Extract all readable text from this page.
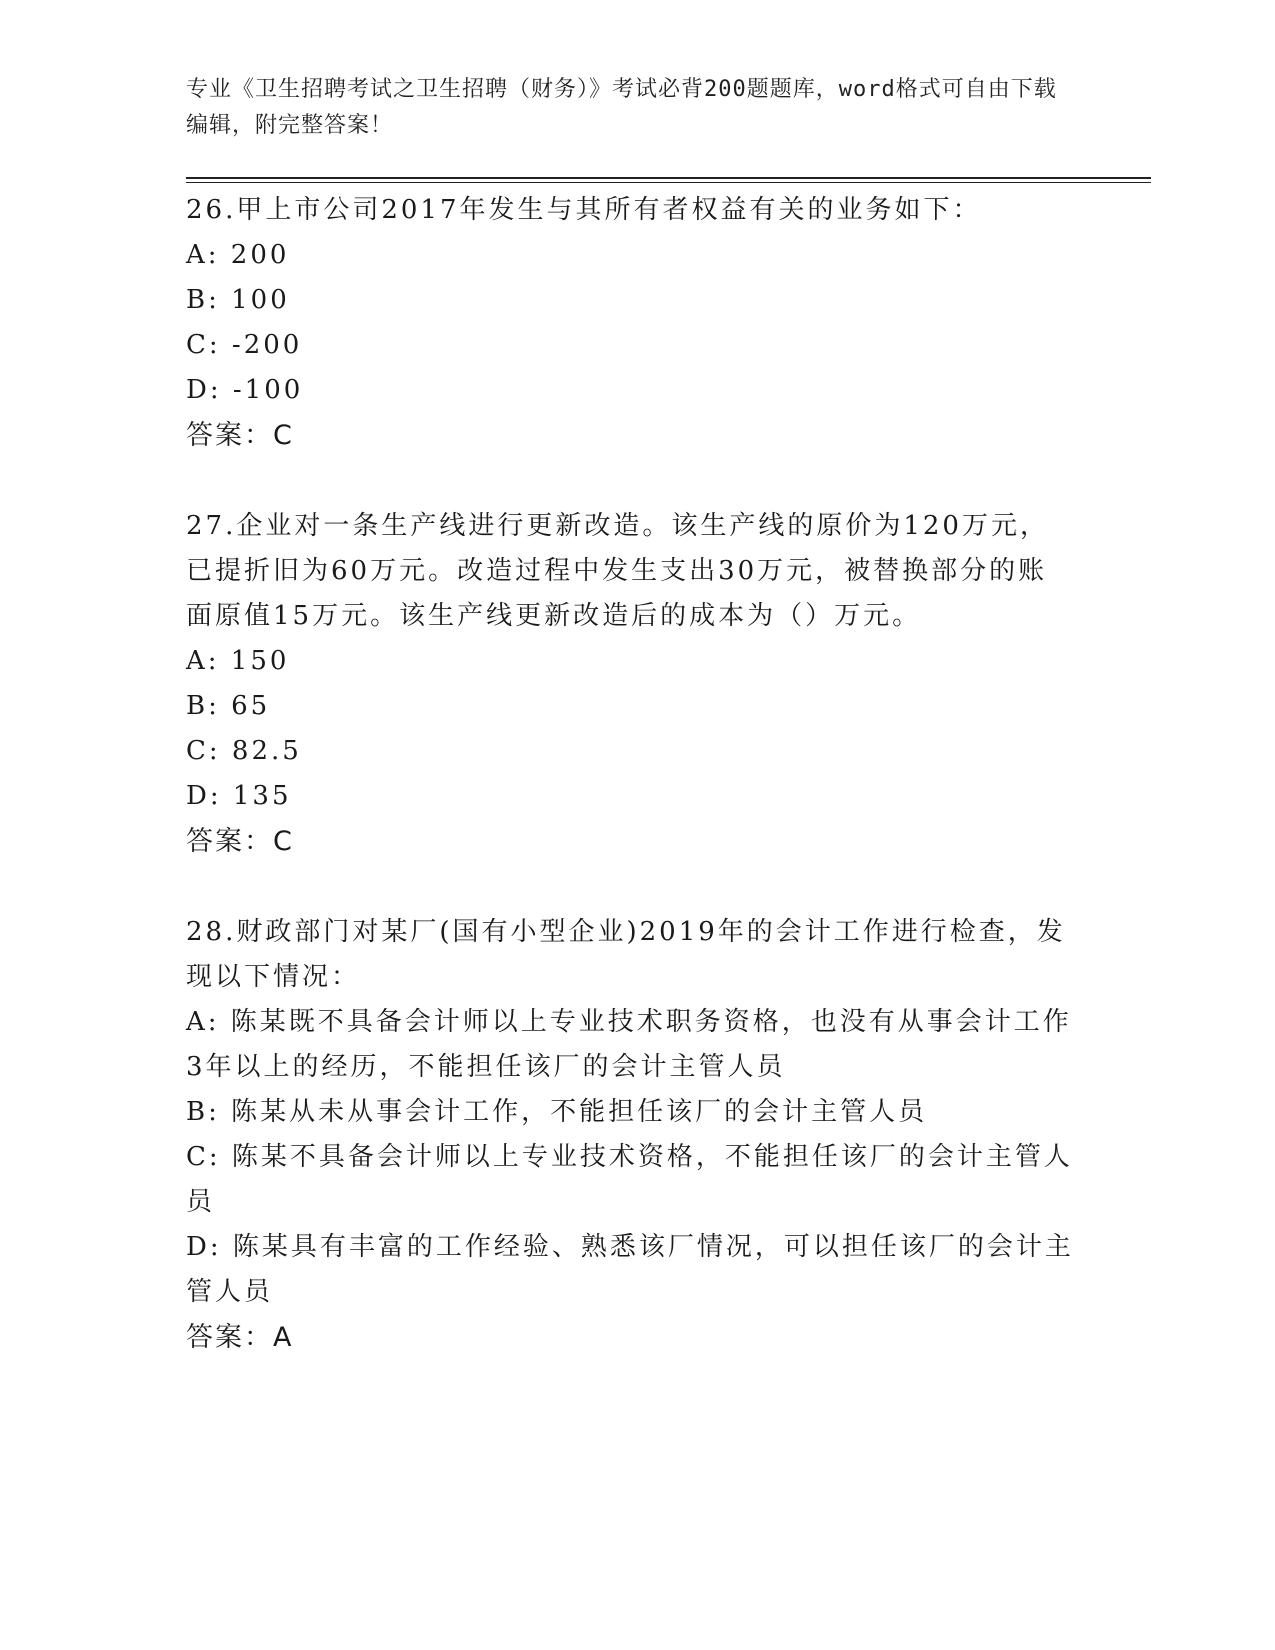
专业《卫生招聘考试之卫生招聘（财务）》考试必背200题题库，word格式可自由下载编辑，附完整答案！
26.甲上市公司2017年发生与其所有者权益有关的业务如下：
A: 200
B: 100
C: -200
D: -100
答案：C
27.企业对一条生产线进行更新改造。该生产线的原价为120万元，已提折旧为60万元。改造过程中发生支出30万元，被替换部分的账面原值15万元。该生产线更新改造后的成本为（）万元。
A: 150
B: 65
C: 82.5
D: 135
答案：C
28.财政部门对某厂(国有小型企业)2019年的会计工作进行检查，发现以下情况：
A: 陈某既不具备会计师以上专业技术职务资格，也没有从事会计工作3年以上的经历，不能担任该厂的会计主管人员
B: 陈某从未从事会计工作，不能担任该厂的会计主管人员
C: 陈某不具备会计师以上专业技术资格，不能担任该厂的会计主管人员
D: 陈某具有丰富的工作经验、熟悉该厂情况，可以担任该厂的会计主管人员
答案：A
